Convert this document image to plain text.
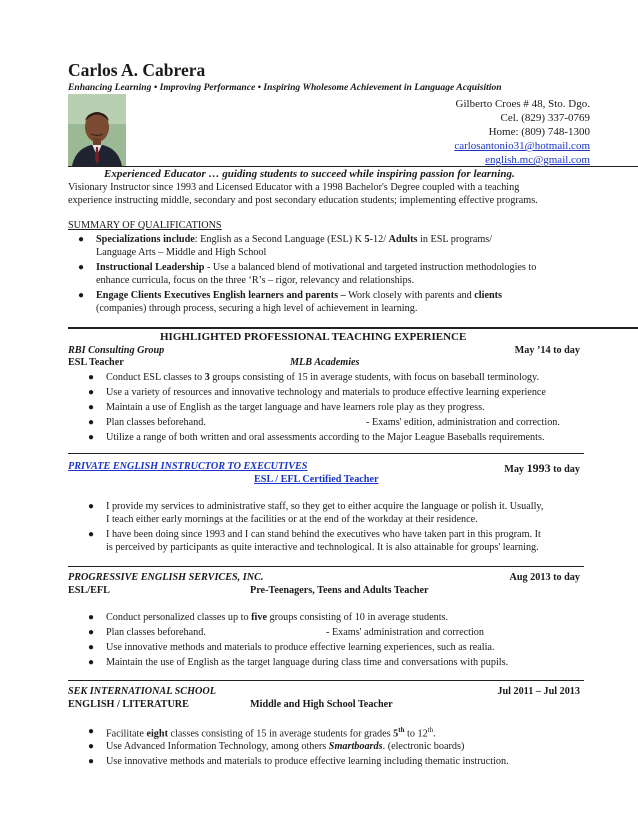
Carlos A. Cabrera
Enhancing Learning • Improving Performance • Inspiring Wholesome Achievement in Language Acquisition
Gilberto Croes # 48, Sto. Dgo.
Cel. (829) 337-0769
Home: (809) 748-1300
carlosantonio31@hotmail.com
english.mc@gmail.com
Experienced Educator … guiding students to succeed while inspiring passion for learning.
Visionary Instructor since 1993 and Licensed Educator with a 1998 Bachelor's Degree coupled with a teaching
experience instructing middle, secondary and post secondary education students; implementing effective programs.
SUMMARY OF QUALIFICATIONS
● Specializations include: English as a Second Language (ESL) K 5-12/ Adults in ESL programs/
Language Arts – Middle and High School
● Instructional Leadership - Use a balanced blend of motivational and targeted instruction methodologies to
enhance curricula, focus on the three ‘R’s – rigor, relevancy and relationships.
● Engage Clients Executives English learners and parents – Work closely with parents and clients
(companies) through process, securing a high level of achievement in learning.
HIGHLIGHTED PROFESSIONAL TEACHING EXPERIENCE
RBI Consulting Group	May ’14 to day
ESL Teacher	MLB Academies
● Conduct ESL classes to 3 groups consisting of 15 in average students, with focus on baseball terminology.
● Use a variety of resources and innovative technology and materials to produce effective learning experience
● Maintain a use of English as the target language and have learners role play as they progress.
● Plan classes beforehand.	- Exams' edition, administration and correction.
● Utilize a range of both written and oral assessments according to the Major League Baseballs requirements.
PRIVATE ENGLISH INSTRUCTOR TO EXECUTIVES	May 1993 to day
ESL / EFL Certified Teacher
● I provide my services to administrative staff, so they get to either acquire the language or polish it. Usually,
I teach either early mornings at the facilities or at the end of the workday at their residence.
● I have been doing since 1993 and I can stand behind the executives who have taken part in this program. It
is perceived by participants as quite interactive and technological. It is also attainable for groups' learning.
PROGRESSIVE ENGLISH SERVICES, INC.	Aug 2013 to day
ESL/EFL	Pre-Teenagers, Teens and Adults Teacher
● Conduct personalized classes up to five groups consisting of 10 in average students.
● Plan classes beforehand.	- Exams' administration and correction
● Use innovative methods and materials to produce effective learning experiences, such as realia.
● Maintain the use of English as the target language during class time and conversations with pupils.
SEK INTERNATIONAL SCHOOL	Jul 2011 – Jul 2013
ENGLISH / LITERATURE	Middle and High School Teacher
● Facilitate eight classes consisting of 15 in average students for grades 5th to 12th.
● Use Advanced Information Technology, among others Smartboards. (electronic boards)
● Use innovative methods and materials to produce effective learning including thematic instruction.
